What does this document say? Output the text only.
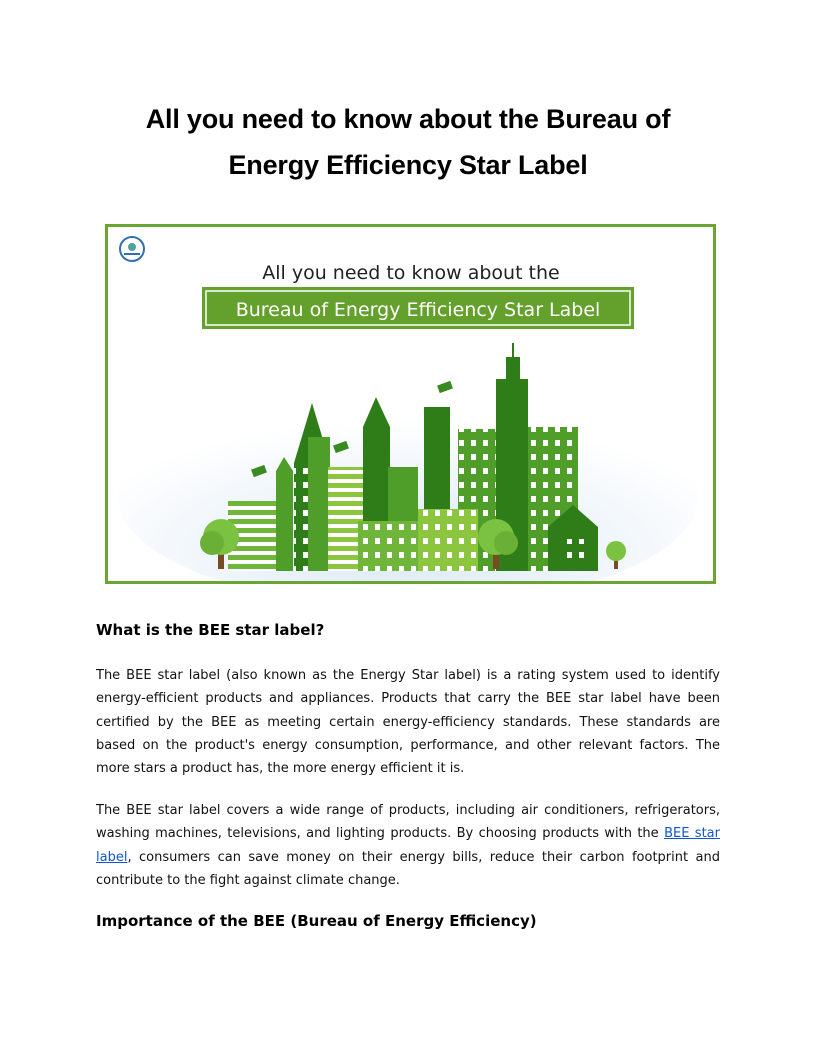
All you need to know about the Bureau of
Energy Efficiency Star Label
All you need to know about the
Bureau of Energy Efficiency Star Label
What is the BEE star label?
The BEE star label (also known as the Energy Star label) is a rating system used to identify energy-efficient products and appliances. Products that carry the BEE star label have been certified by the BEE as meeting certain energy-efficiency standards. These standards are based on the product's energy consumption, performance, and other relevant factors. The more stars a product has, the more energy efficient it is.
The BEE star label covers a wide range of products, including air conditioners, refrigerators, washing machines, televisions, and lighting products. By choosing products with the BEE star label, consumers can save money on their energy bills, reduce their carbon footprint and contribute to the fight against climate change.
Importance of the BEE (Bureau of Energy Efficiency)
